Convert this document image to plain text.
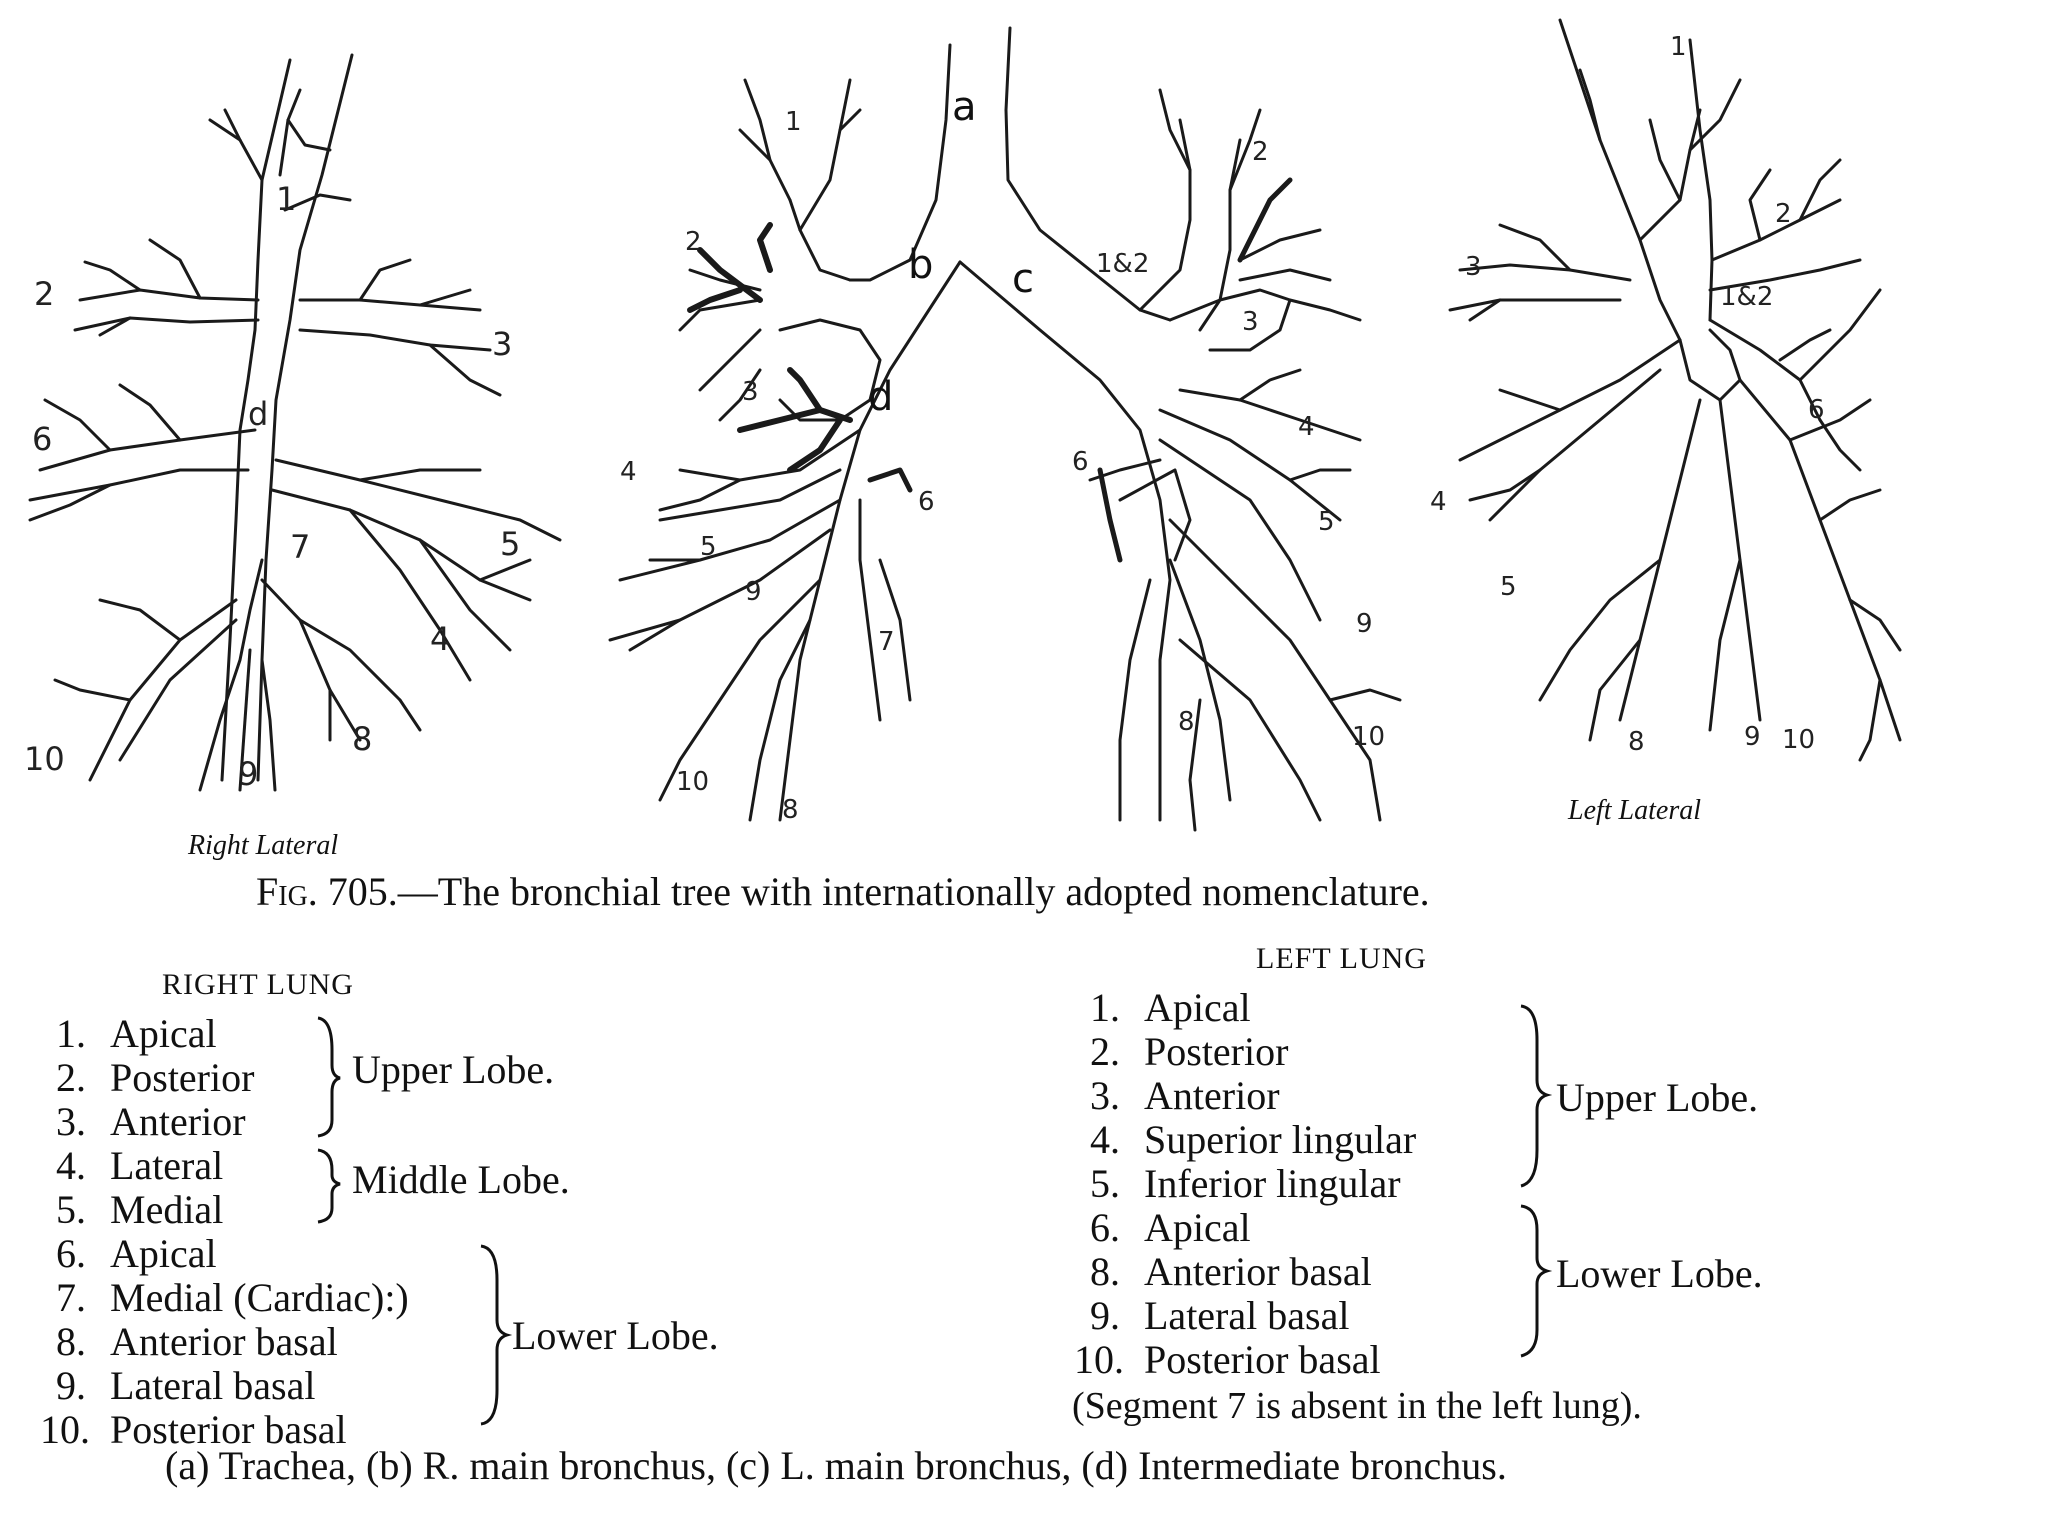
a
b c
d
2
1
3
d
6
7	5
4
10	9
8
1
2
3
4
5
9
10
8
6
7
1&2
2
3
4
5
6
9
8	10
1
3
2
1&2
6
4
5
8	9 10
Right Lateral
Left Lateral
Fig. 705.—The bronchial tree with internationally adopted nomenclature.
RIGHT LUNG
1. Apical
2. Posterior
3. Anterior
4. Lateral
5. Medial
6. Apical
7. Medial (Cardiac):)
8. Anterior basal
9. Lateral basal
10. Posterior basal
Upper Lobe.
Middle Lobe.
Lower Lobe.
LEFT LUNG
1. Apical
2. Posterior
3. Anterior
4. Superior lingular
5. Inferior lingular
6. Apical
8. Anterior basal
9. Lateral basal
10. Posterior basal
Upper Lobe.
Lower Lobe.
(Segment 7 is absent in the left lung).
(a) Trachea, (b) R. main bronchus, (c) L. main bronchus, (d) Intermediate bronchus.
